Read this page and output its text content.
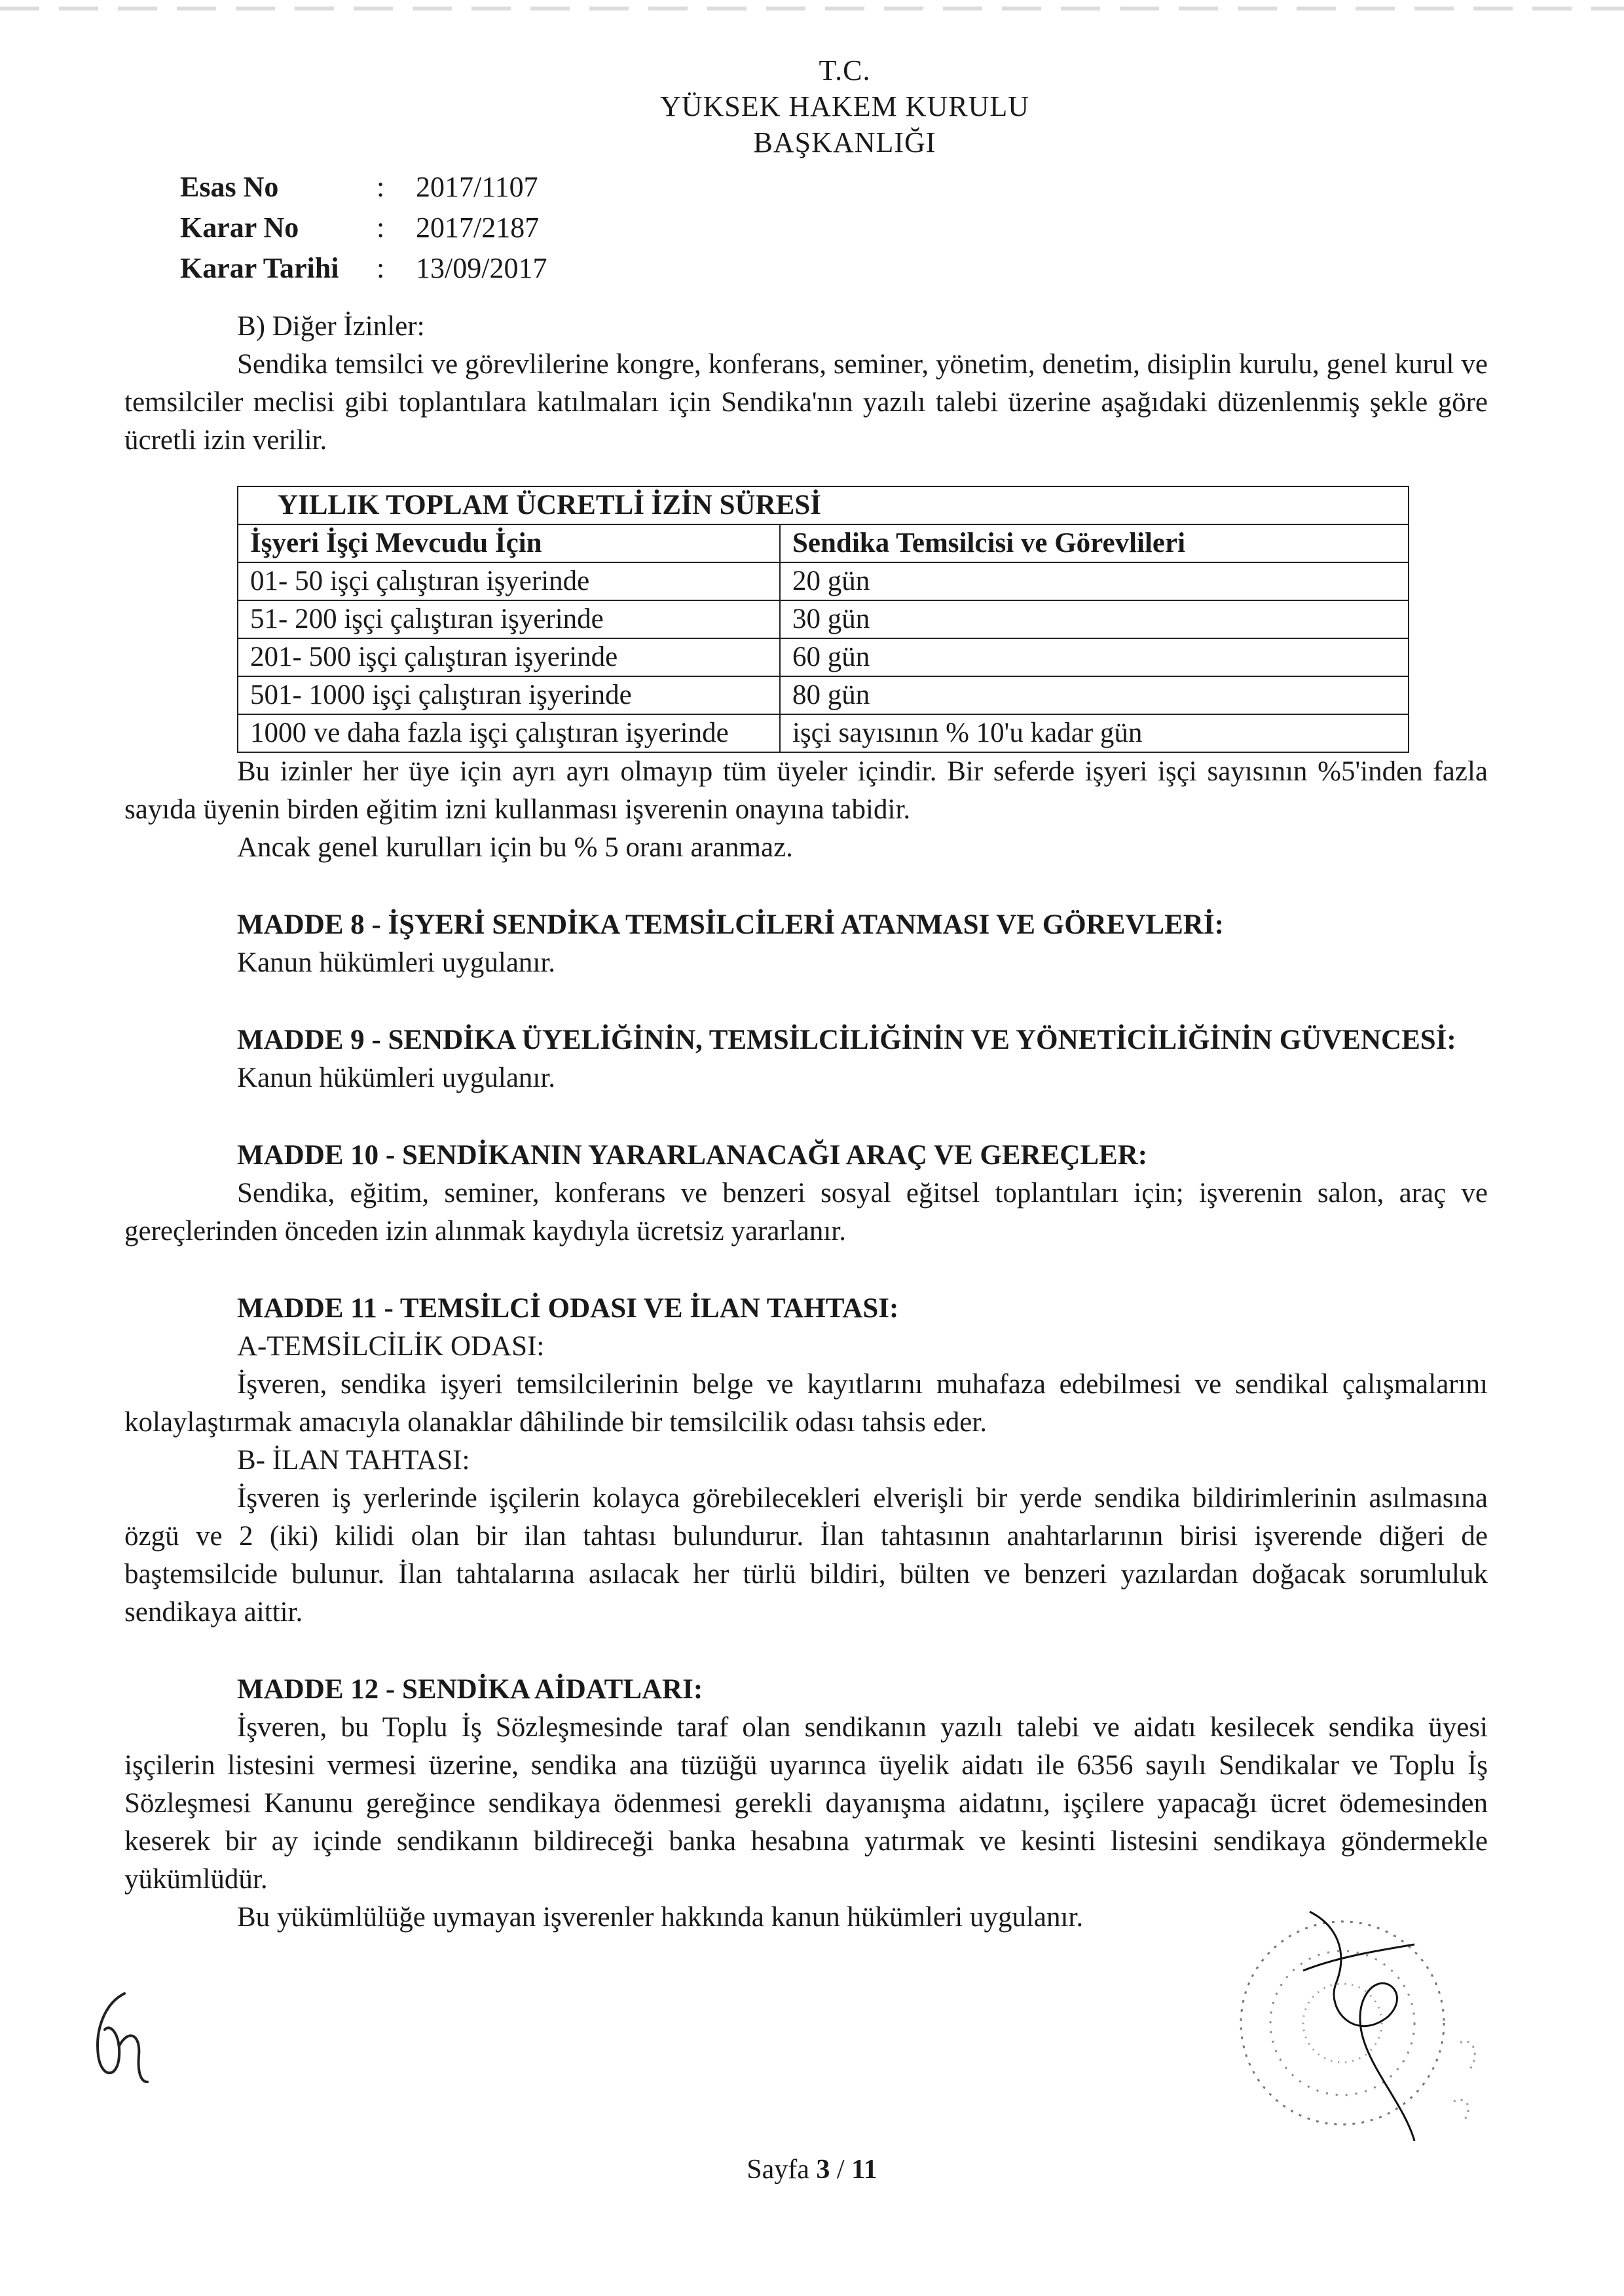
T.C.
YÜKSEK HAKEM KURULU
BAŞKANLIĞI
Esas No	:	2017/1107
Karar No	:	2017/2187
Karar Tarihi	:	13/09/2017
B) Diğer İzinler:
Sendika temsilci ve görevlilerine kongre, konferans, seminer, yönetim, denetim, disiplin kurulu, genel kurul ve temsilciler meclisi gibi toplantılara katılmaları için Sendika'nın yazılı talebi üzerine aşağıdaki düzenlenmiş şekle göre ücretli izin verilir.
YILLIK TOPLAM ÜCRETLİ İZİN SÜRESİ	
İşyeri İşçi Mevcudu İçin	Sendika Temsilcisi ve Görevlileri
01- 50 işçi çalıştıran işyerinde	20 gün
51- 200 işçi çalıştıran işyerinde	30 gün
201- 500 işçi çalıştıran işyerinde	60 gün
501- 1000 işçi çalıştıran işyerinde	80 gün
1000 ve daha fazla işçi çalıştıran işyerinde	işçi sayısının % 10'u kadar gün
Bu izinler her üye için ayrı ayrı olmayıp tüm üyeler içindir. Bir seferde işyeri işçi sayısının %5'inden fazla sayıda üyenin birden eğitim izni kullanması işverenin onayına tabidir.
Ancak genel kurulları için bu % 5 oranı aranmaz.
MADDE 8 - İŞYERİ SENDİKA TEMSİLCİLERİ ATANMASI VE GÖREVLERİ:
Kanun hükümleri uygulanır.
MADDE 9 - SENDİKA ÜYELİĞİNİN, TEMSİLCİLİĞİNİN VE YÖNETİCİLİĞİNİN GÜVENCESİ:
Kanun hükümleri uygulanır.
MADDE 10 - SENDİKANIN YARARLANACAĞI ARAÇ VE GEREÇLER:
Sendika, eğitim, seminer, konferans ve benzeri sosyal eğitsel toplantıları için; işverenin salon, araç ve gereçlerinden önceden izin alınmak kaydıyla ücretsiz yararlanır.
MADDE 11 - TEMSİLCİ ODASI VE İLAN TAHTASI:
A-TEMSİLCİLİK ODASI:
İşveren, sendika işyeri temsilcilerinin belge ve kayıtlarını muhafaza edebilmesi ve sendikal çalışmalarını kolaylaştırmak amacıyla olanaklar dâhilinde bir temsilcilik odası tahsis eder.
B- İLAN TAHTASI:
İşveren iş yerlerinde işçilerin kolayca görebilecekleri elverişli bir yerde sendika bildirimlerinin asılmasına özgü ve 2 (iki) kilidi olan bir ilan tahtası bulundurur. İlan tahtasının anahtarlarının birisi işverende diğeri de baştemsilcide bulunur. İlan tahtalarına asılacak her türlü bildiri, bülten ve benzeri yazılardan doğacak sorumluluk sendikaya aittir.
MADDE 12 - SENDİKA AİDATLARI:
İşveren, bu Toplu İş Sözleşmesinde taraf olan sendikanın yazılı talebi ve aidatı kesilecek sendika üyesi işçilerin listesini vermesi üzerine, sendika ana tüzüğü uyarınca üyelik aidatı ile 6356 sayılı Sendikalar ve Toplu İş Sözleşmesi Kanunu gereğince sendikaya ödenmesi gerekli dayanışma aidatını, işçilere yapacağı ücret ödemesinden keserek bir ay içinde sendikanın bildireceği banka hesabına yatırmak ve kesinti listesini sendikaya göndermekle yükümlüdür.
Bu yükümlülüğe uymayan işverenler hakkında kanun hükümleri uygulanır.
Sayfa 3 / 11
